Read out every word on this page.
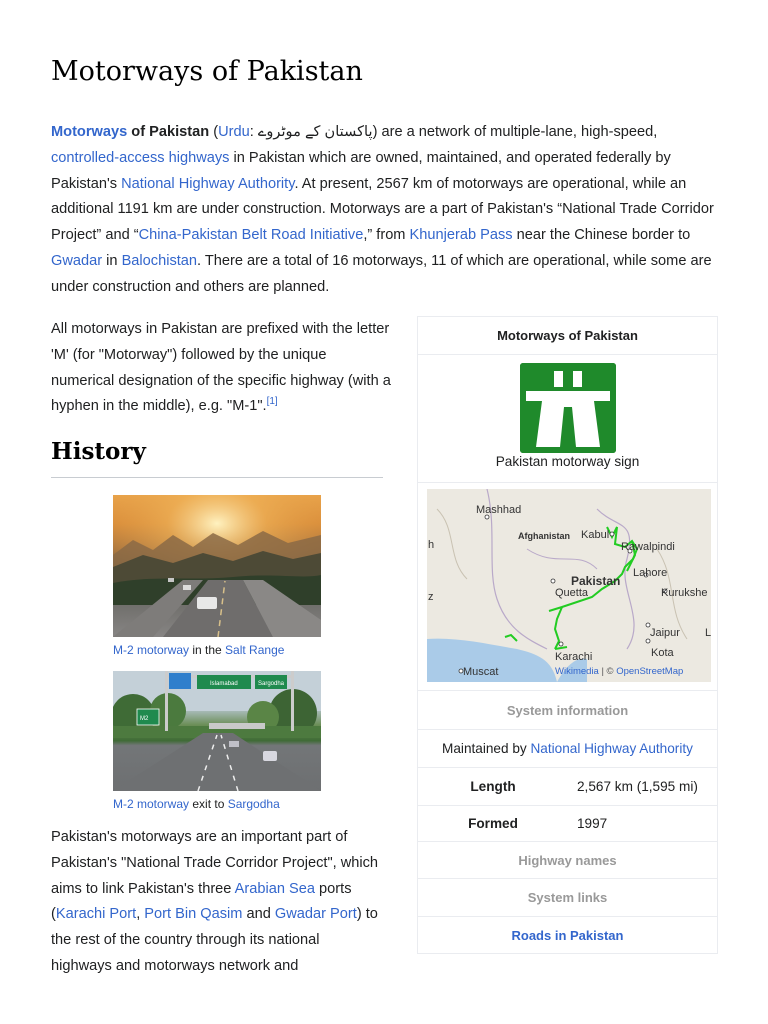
Motorways of Pakistan
Motorways of Pakistan (Urdu: پاکستان کے موٹروے) are a network of multiple-lane, high-speed, controlled-access highways in Pakistan which are owned, maintained, and operated federally by Pakistan's National Highway Authority. At present, 2567 km of motorways are operational, while an additional 1191 km are under construction. Motorways are a part of Pakistan's “National Trade Corridor Project” and “China-Pakistan Belt Road Initiative,” from Khunjerab Pass near the Chinese border to Gwadar in Balochistan. There are a total of 16 motorways, 11 of which are operational, while some are under construction and others are planned.
All motorways in Pakistan are prefixed with the letter 'M' (for "Motorway") followed by the unique numerical designation of the specific highway (with a hyphen in the middle), e.g. "M-1".[1]
History
M-2 motorway in the Salt Range
Islamabad	Sargodha
M2
M-2 motorway exit to Sargodha
Pakistan's motorways are an important part of Pakistan's "National Trade Corridor Project", which aims to link Pakistan's three Arabian Sea ports (Karachi Port, Port Bin Qasim and Gwadar Port) to the rest of the country through its national highways and motorways network and
Motorways of Pakistan
Pakistan motorway sign
Mashhad
Afghanistan Kabul
Rawalpindi
Pakistan
Lahore
Quetta	Kurukshe
Jaipur L
Kota
Karachi
Muscat
z
h
Wikimedia | © OpenStreetMap
System information
Maintained by National Highway Authority
Length	2,567 km (1,595 mi)
Formed	1997
Highway names
System links
Roads in Pakistan
